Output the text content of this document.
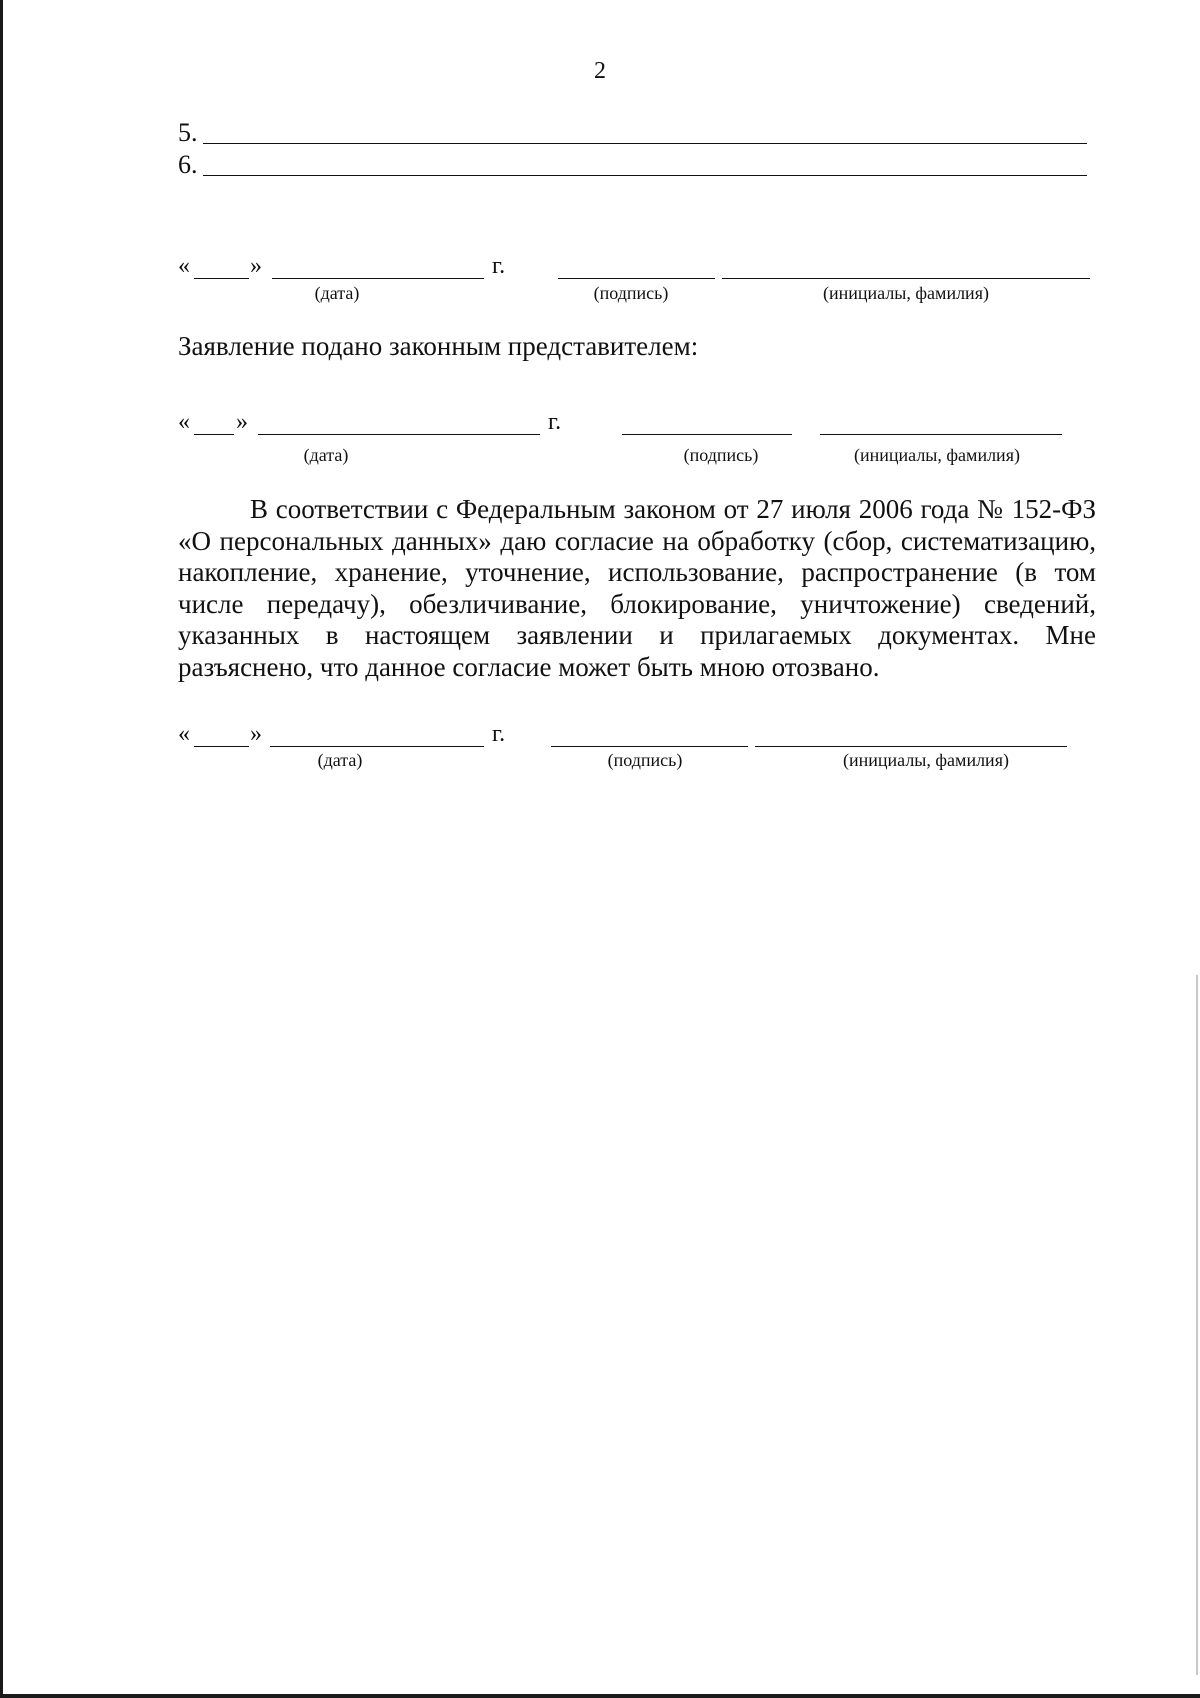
2
5.
6.
«	»	г.
(дата)	(подпись)	(инициалы, фамилия)
Заявление подано законным представителем:
« »	г.
(дата)	(подпись)	(инициалы, фамилия)

В соответствии с Федеральным законом от 27 июля 2006 года № 152-ФЗ «О персональных данных» даю согласие на обработку (сбор, систематизацию, накопление, хранение, уточнение, использование, распространение (в том числе передачу), обезличивание, блокирование, уничтожение) сведений, указанных в настоящем заявлении и прилагаемых документах. Мне разъяснено, что данное согласие может быть мною отозвано.

«	»	г.
(дата)	(подпись)	(инициалы, фамилия)
